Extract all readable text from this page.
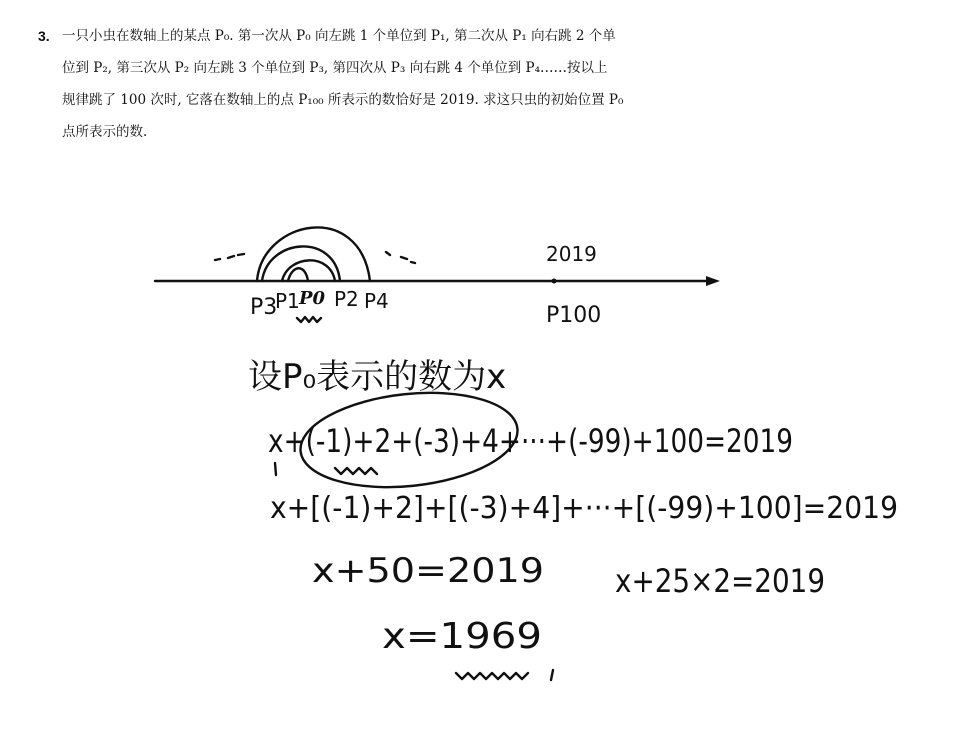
3. 一只小虫在数轴上的某点 P₀. 第一次从 P₀ 向左跳 1 个单位到 P₁, 第二次从 P₁ 向右跳 2 个单
位到 P₂, 第三次从 P₂ 向左跳 3 个单位到 P₃, 第四次从 P₃ 向右跳 4 个单位到 P₄……按以上
规律跳了 100 次时, 它落在数轴上的点 P₁₀₀ 所表示的数恰好是 2019. 求这只虫的初始位置 P₀
点所表示的数.
P3
P1 P0 P2 P4
2019
P100
设P₀表示的数为x
x+(-1)+2+(-3)+4+···+(-99)+100=2019
x+[(-1)+2]+[(-3)+4]+···+[(-99)+100]=2019
x+50=2019 x+25×2=2019
x=1969
